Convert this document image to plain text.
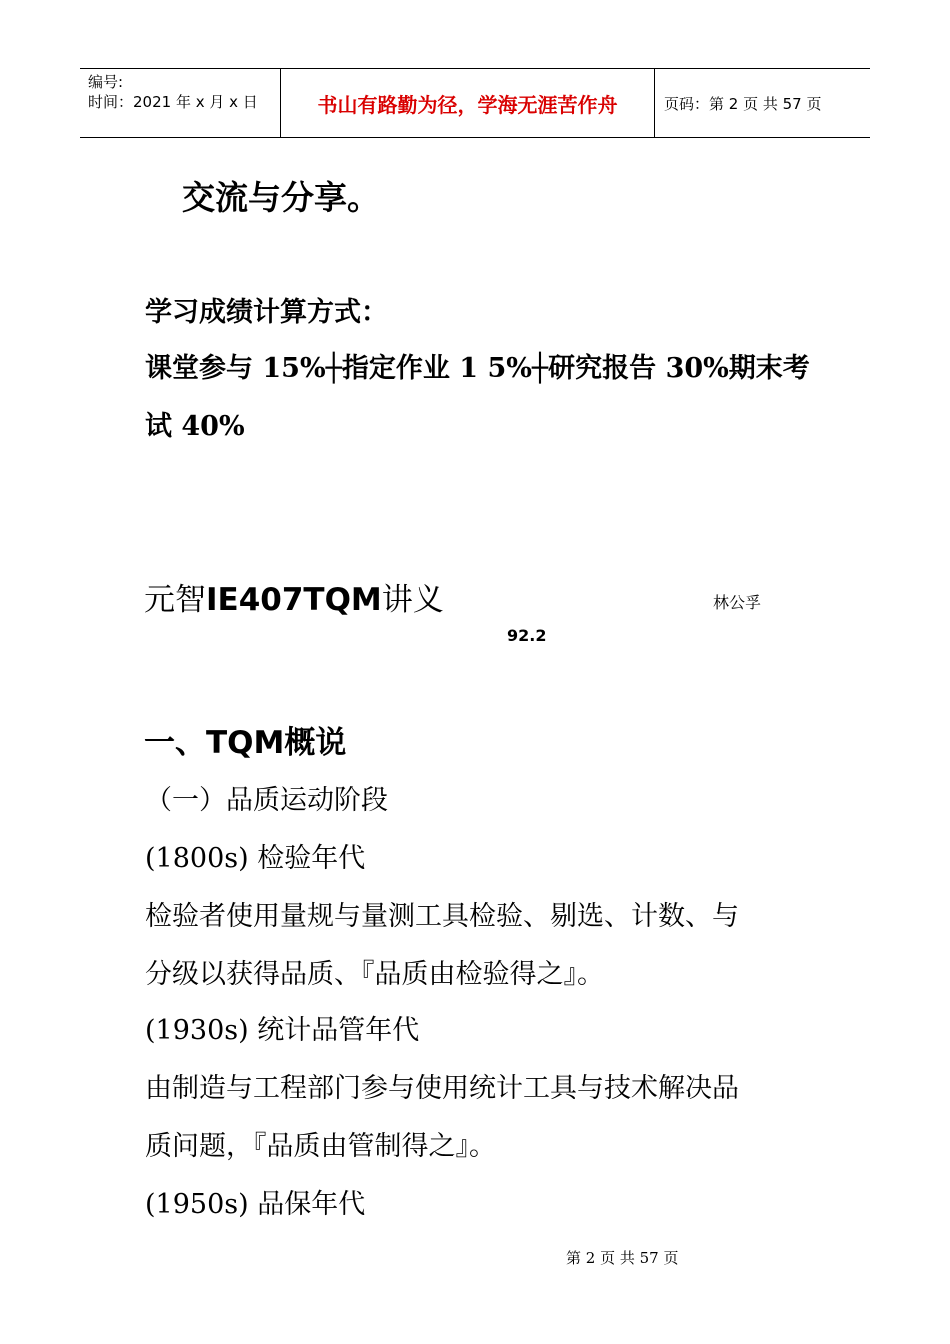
编号:
时间：2021 年 x 月 x 日	书山有路勤为径，学海无涯苦作舟	页码：第 2 页 共 57 页
交流与分享。
学习成绩计算方式：
课堂参与 15%┼指定作业 1 5%┼研究报告 30%期末考
试 40%
元智IE407TQM讲义	林公孚
92.2
一、TQM概说
（一）品质运动阶段
(1800s) 检验年代
检验者使用量规与量测工具检验、剔选、计数、与
分级以获得品质、『品质由检验得之』。
(1930s) 统计品管年代
由制造与工程部门参与使用统计工具与技术解决品
质问题，『品质由管制得之』。
(1950s) 品保年代
第 2 页 共 57 页
